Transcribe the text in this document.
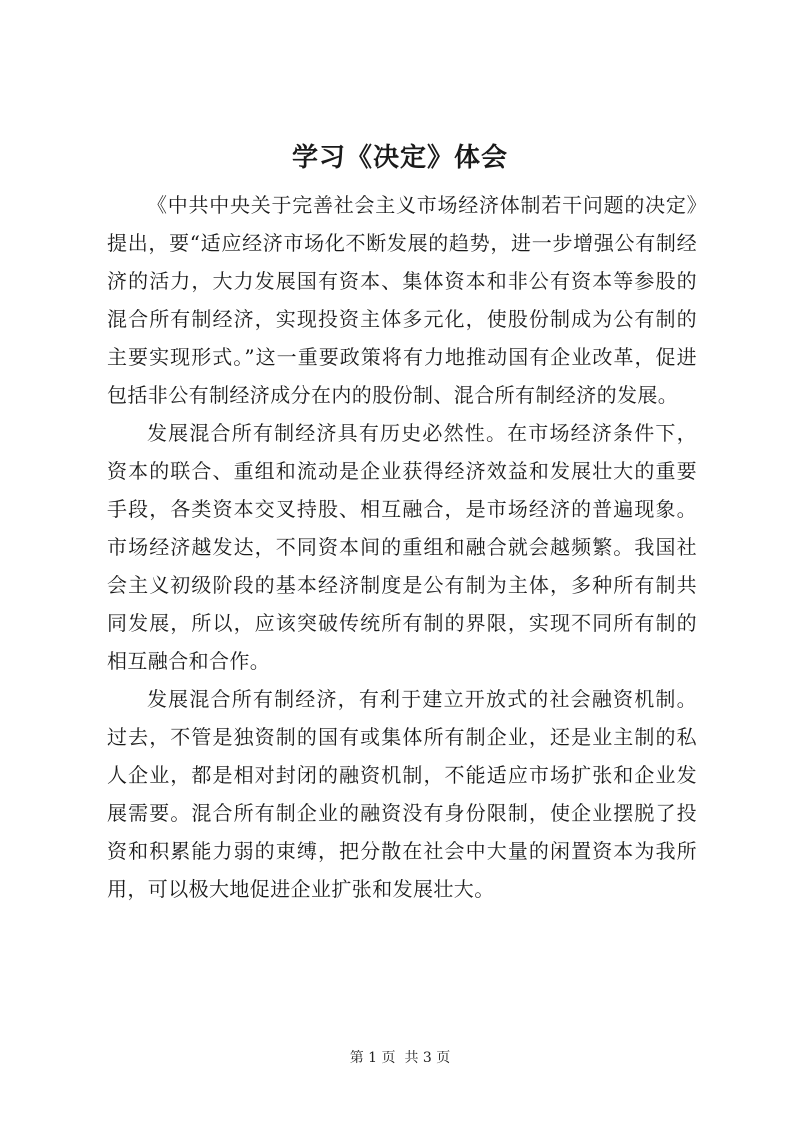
学习《决定》体会

《中共中央关于完善社会主义市场经济体制若干问题的决定》提出，要“适应经济市场化不断发展的趋势，进一步增强公有制经济的活力，大力发展国有资本、集体资本和非公有资本等参股的混合所有制经济，实现投资主体多元化，使股份制成为公有制的主要实现形式。”这一重要政策将有力地推动国有企业改革，促进包括非公有制经济成分在内的股份制、混合所有制经济的发展。

发展混合所有制经济具有历史必然性。在市场经济条件下，资本的联合、重组和流动是企业获得经济效益和发展壮大的重要手段，各类资本交叉持股、相互融合，是市场经济的普遍现象。市场经济越发达，不同资本间的重组和融合就会越频繁。我国社会主义初级阶段的基本经济制度是公有制为主体，多种所有制共同发展，所以，应该突破传统所有制的界限，实现不同所有制的相互融合和合作。

发展混合所有制经济，有利于建立开放式的社会融资机制。过去，不管是独资制的国有或集体所有制企业，还是业主制的私人企业，都是相对封闭的融资机制，不能适应市场扩张和企业发展需要。混合所有制企业的融资没有身份限制，使企业摆脱了投资和积累能力弱的束缚，把分散在社会中大量的闲置资本为我所用，可以极大地促进企业扩张和发展壮大。

第 1 页  共 3 页
